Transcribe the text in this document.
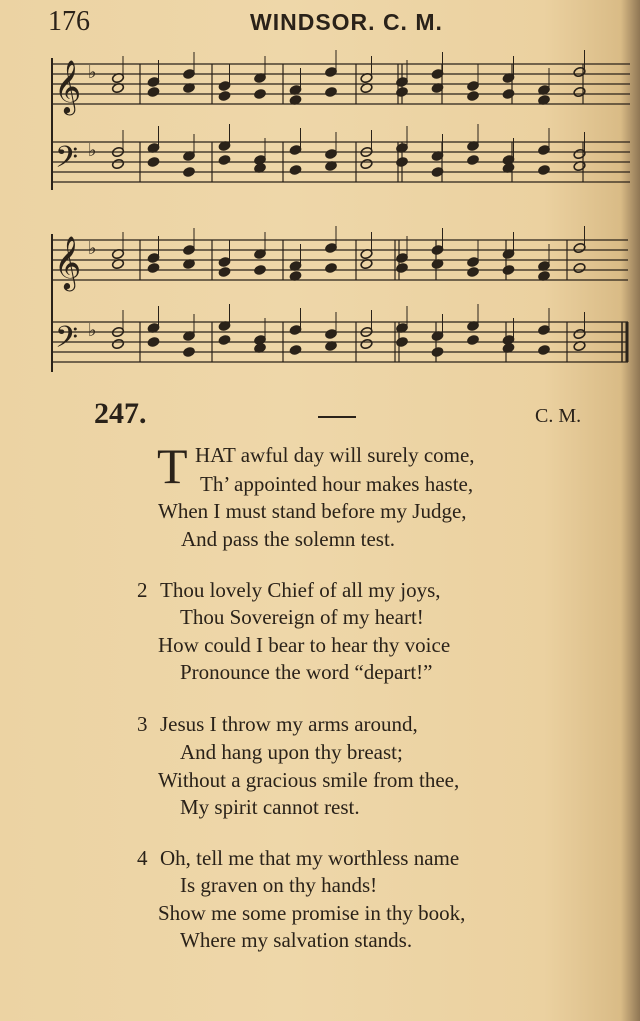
176	WINDSOR. C. M.
𝄞
𝄢
𝄞
𝄢
♭
♭
♭
♭
247.	C. M.
T HAT awful day will surely come,
Th’ appointed hour makes haste,
When I must stand before my Judge,
And pass the solemn test.
2 Thou lovely Chief of all my joys,
Thou Sovereign of my heart!
How could I bear to hear thy voice
Pronounce the word “depart!”
3 Jesus I throw my arms around,
And hang upon thy breast;
Without a gracious smile from thee,
My spirit cannot rest.
4 Oh, tell me that my worthless name
Is graven on thy hands!
Show me some promise in thy book,
Where my salvation stands.
